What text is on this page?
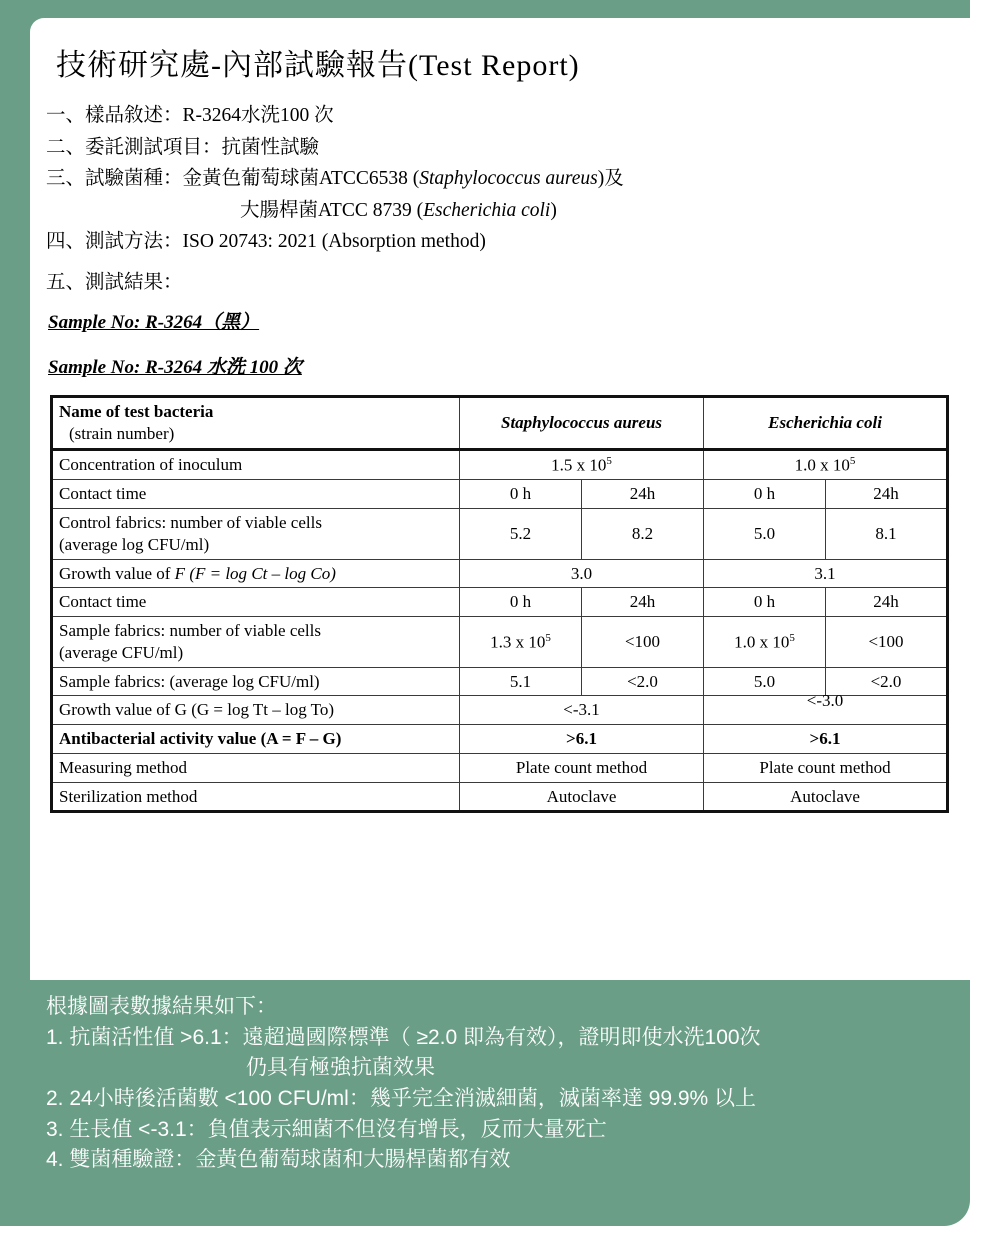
技術研究處-內部試驗報告(Test Report)
一、樣品敘述：R-3264水洗100 次
二、委託測試項目：抗菌性試驗
三、試驗菌種：金黃色葡萄球菌ATCC6538 (Staphylococcus aureus)及
大腸桿菌ATCC 8739 (Escherichia coli)
四、測試方法：ISO 20743: 2021 (Absorption method)
五、測試結果：
Sample No: R-3264（黑）
Sample No: R-3264 水洗 100 次
Name of test bacteria
(strain number)	Staphylococcus aureus		Escherichia coli	
Concentration of inoculum	1.5 x $10^5$		1.0 x $10^5$
Contact time	0 h	24h	0 h	24h

Control fabrics: number of viable cells
(average log CFU/ml)	5.2	8.2	5.0	8.1
Growth value of F (F = log Ct – log Co)	3.0		3.1	
Contact time	0 h	24h	0 h	24h

Sample fabrics: number of viable cells
(average CFU/ml)	1.3 x $10^5$	<100	1.0 x $10^5$	<100
Sample fabrics: (average log CFU/ml)	5.1	<2.0	5.0	<2.0
Growth value of G (G = log Tt – log To)	<-3.1		<-3.0	
Antibacterial activity value (A = F – G)	>6.1		>6.1	
Measuring method	Plate count method		Plate count method	
Sterilization method	Autoclave		Autoclave	
根據圖表數據結果如下：
1. 抗菌活性值 >6.1：遠超過國際標準（ ≥2.0 即為有效），證明即使水洗100次
仍具有極強抗菌效果
2. 24小時後活菌數 <100 CFU/ml：幾乎完全消滅細菌，滅菌率達 99.9% 以上
3. 生長值 <-3.1：負值表示細菌不但沒有增長，反而大量死亡
4. 雙菌種驗證：金黃色葡萄球菌和大腸桿菌都有效
